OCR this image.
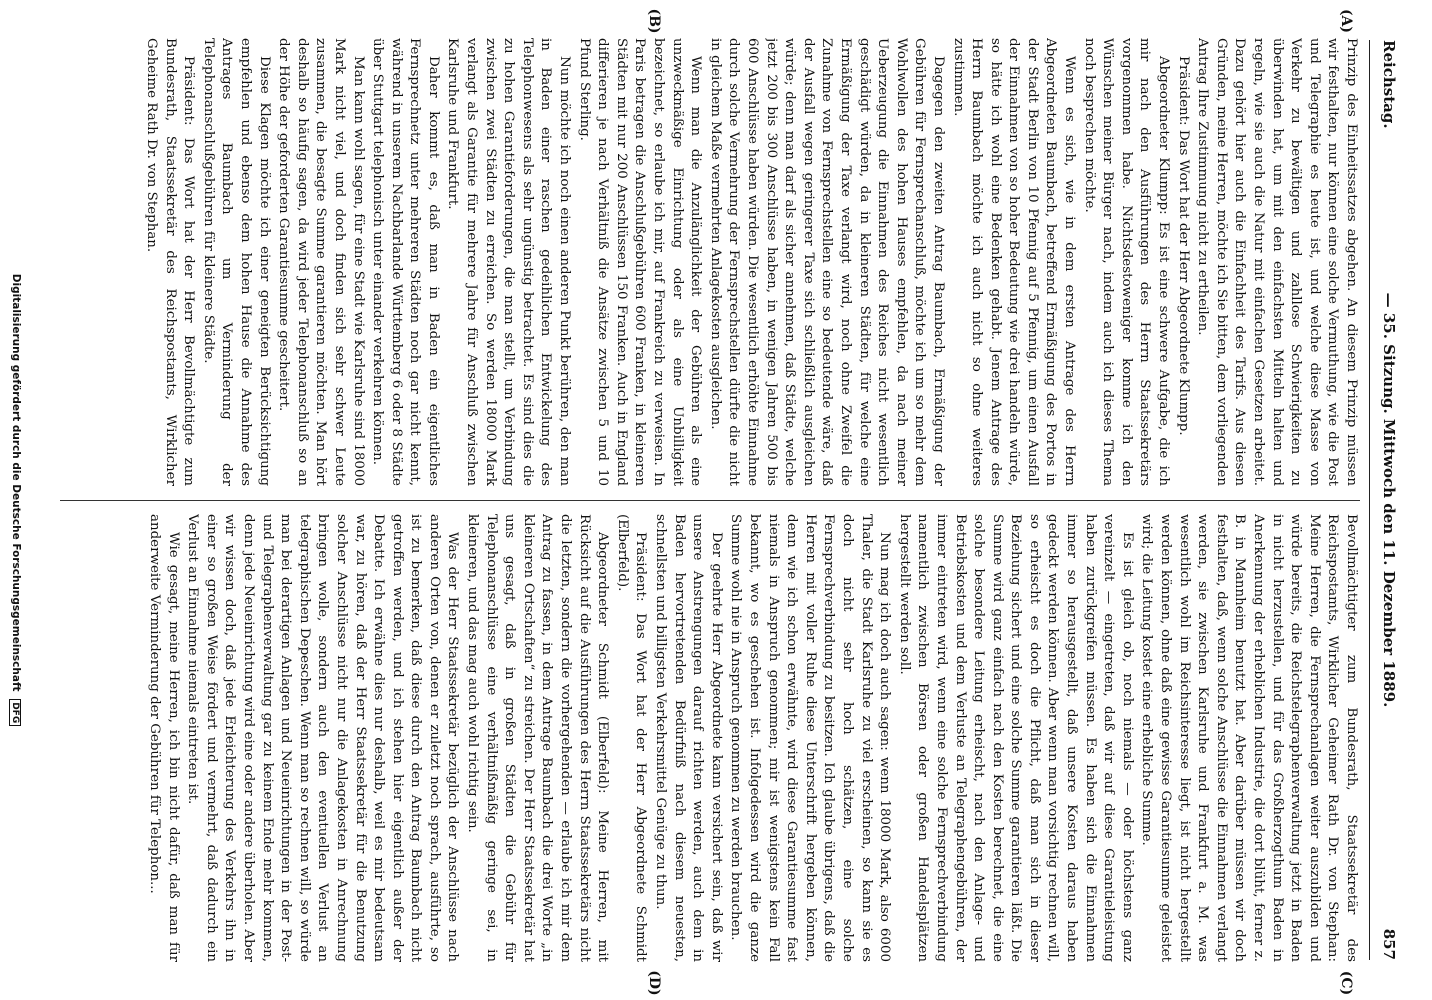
Reichstag.
— 35. Sitzung. Mittwoch den 11. Dezember 1889.
857
(A)
(B)
(C)
(D)

Prinzip des Einheitssatzes abgehen. An diesem Prinzip müssen wir festhalten, nur können eine solche Vermuthung, wie die Post und Telegraphie es heute ist, und welche diese Masse von Verkehr zu bewältigen und zahllose Schwierigkeiten zu überwinden hat, um mit den einfachsten Mitteln halten und regeln, wie sie auch die Natur mit einfachen Gesetzen arbeitet. Dazu gehört hier auch die Einfachheit des Tarifs. Aus diesen Gründen, meine Herren, möchte ich Sie bitten, dem vorliegenden Antrag Ihre Zustimmung nicht zu ertheilen.

Präsident: Das Wort hat der Herr Abgeordnete Klumpp.

Abgeordneter Klumpp: Es ist eine schwere Aufgabe, die ich mir nach den Ausführungen des Herrn Staatssekretärs vorgenommen habe. Nichtsdestoweniger komme ich den Wünschen meiner Bürger nach, indem auch ich dieses Thema noch besprechen möchte.

Wenn es sich, wie in dem ersten Antrage des Herrn Abgeordneten Baumbach, betreffend Ermäßigung des Portos in der Stadt Berlin von 10 Pfennig auf 5 Pfennig, um einen Ausfall der Einnahmen von so hoher Bedeutung wie drei handeln würde, so hätte ich wohl eine Bedenken gehabt. Jenem Antrage des Herrn Baumbach möchte ich auch nicht so ohne weiteres zustimmen.

Dagegen den zweiten Antrag Baumbach, Ermäßigung der Gebühren für Fernsprechanschluß, möchte ich um so mehr dem Wohlwollen des hohen Hauses empfehlen, da nach meiner Ueberzeugung die Einnahmen des Reiches nicht wesentlich geschädigt würden, da in kleineren Städten, für welche eine Ermäßigung der Taxe verlangt wird, noch ohne Zweifel die Zunahme von Fernsprechstellen eine so bedeutende wäre, daß der Ausfall wegen geringerer Taxe sich schließlich ausgleichen würde; denn man darf als sicher annehmen, daß Städte, welche jetzt 200 bis 300 Anschlüsse haben, in wenigen Jahren 500 bis 600 Anschlüsse haben würden. Die wesentlich erhöhte Einnahme durch solche Vermehrung der Fernsprechstellen dürfte die nicht in gleichem Maße vermehrten Anlagekosten ausgleichen.

Wenn man die Anzulänglichkeit der Gebühren als eine unzweckmäßige Einrichtung oder als eine Unbilligkeit bezeichnet, so erlaube ich mir, auf Frankreich zu verweisen. In Paris betragen die Anschlußgebühren 600 Franken, in kleineren Städten mit nur 200 Anschlüssen 150 Franken. Auch in England differieren je nach Verhältniß die Ansätze zwischen 5 und 10 Pfund Sterling.

Nun möchte ich noch einen anderen Punkt berühren, den man in Baden einer raschen gedeihlichen Entwickelung des Telephonwesens als sehr ungünstig betrachtet. Es sind dies die zu hohen Garantieforderungen, die man stellt, um Verbindung zwischen zwei Städten zu erreichen. So werden 18000 Mark verlangt als Garantie für mehrere Jahre für Anschluß zwischen Karlsruhe und Frankfurt.

Daher kommt es, daß man in Baden ein eigentliches Fernsprechnetz unter mehreren Städten noch gar nicht kennt, während in unserem Nachbarlande Württemberg 6 oder 8 Städte über Stuttgart telephonisch unter einander verkehren können.

Man kann wohl sagen, für eine Stadt wie Karlsruhe sind 18000 Mark nicht viel, und doch finden sich sehr schwer Leute zusammen, die besagte Summe garantieren möchten. Man hört deshalb so häufig sagen, da wird jeder Telephonanschluß so an der Höhe der geforderten Garantiesumme gescheitert.

Diese Klagen möchte ich einer geneigten Berücksichtigung empfehlen und ebenso dem hohen Hause die Annahme des Antrages Baumbach um Verminderung der Telephonanschlußgebühren für kleinere Städte.

Präsident: Das Wort hat der Herr Bevollmächtigte zum Bundesrath, Staatssekretär des Reichspostamts, Wirklicher Geheime Rath Dr. von Stephan.

Bevollmächtigter zum Bundesrath, Staatssekretär des Reichspostamts, Wirklicher Geheimer Rath Dr. von Stephan: Meine Herren, die Fernsprechanlagen weiter auszubilden und würde bereits, die Reichstelegraphenverwaltung jetzt in Baden in nicht herzustellen, und für das Großherzogthum Baden in Anerkennung der erheblichen Industrie, die dort blüht, ferner z. B. in Mannheim benutzt hat. Aber darüber müssen wir doch festhalten, daß, wenn solche Anschlüsse die Einnahmen verlangt werden, sie zwischen Karlsruhe und Frankfurt a. M. was wesentlich wohl im Reichsinteresse liegt, ist nicht hergestellt werden können, ohne daß eine gewisse Garantiesumme geleistet wird; die Leitung kostet eine erhebliche Summe.

Es ist gleich ob, noch niemals — oder höchstens ganz vereinzelt — eingetreten, daß wir auf diese Garantieleistung haben zurückgreifen müssen. Es haben sich die Einnahmen immer so herausgestellt, daß unsere Kosten daraus haben gedeckt werden können. Aber wenn man vorsichtig rechnen will, so erheischt es doch die Pflicht, daß man sich in dieser Beziehung sichert und eine solche Summe garantieren läßt. Die Summe wird ganz einfach nach den Kosten berechnet, die eine solche besondere Leitung erheischt, nach den Anlage- und Betriebskosten und dem Verluste an Telegraphengebühren, der immer eintreten wird, wenn eine solche Fernsprechverbindung namentlich zwischen Börsen oder großen Handelsplätzen hergestellt werden soll.

Nun mag ich doch auch sagen: wenn 18000 Mark, also 6000 Thaler, die Stadt Karlsruhe zu viel erscheinen, so kann sie es doch nicht sehr hoch schätzen, eine solche Fernsprechverbindung zu besitzen. Ich glaube übrigens, daß die Herren mit voller Ruhe diese Unterschrift hergeben können, denn wie ich schon erwähnte, wird diese Garantiesumme fast niemals in Anspruch genommen; mir ist wenigstens kein Fall bekannt, wo es geschehen ist. Infolgedessen wird die ganze Summe wohl nie in Anspruch genommen zu werden brauchen.

Der geehrte Herr Abgeordnete kann versichert sein, daß wir unsere Anstrengungen darauf richten werden, auch dem in Baden hervortretenden Bedürfniß nach diesem neuesten, schnellsten und billigsten Verkehrsmittel Genüge zu thun.

Präsident: Das Wort hat der Herr Abgeordnete Schmidt (Elberfeld).

Abgeordneter Schmidt (Elberfeld): Meine Herren, mit Rücksicht auf die Ausführungen des Herrn Staatssekretärs nicht die letzten, sondern die vorhergehenden — erlaube ich mir dem Antrag zu fassen, in dem Antrage Baumbach die drei Worte „in kleineren Ortschaften“ zu streichen. Der Herr Staatssekretär hat uns gesagt, daß in großen Städten die Gebühr für Telephonanschlüsse eine verhältnißmäßig geringe sei, in kleineren, und das mag auch wohl richtig sein.

Was der Herr Staatssekretär bezüglich der Anschlüsse nach anderen Orten von, denen er zuletzt noch sprach, ausführte, so ist zu bemerken, daß diese durch den Antrag Baumbach nicht getroffen werden, und ich stehen hier eigentlich außer der Debatte. Ich erwähne dies nur deshalb, weil es mir bedeutsam war, zu hören, daß der Herr Staatssekretär für die Benutzung solcher Anschlüsse nicht nur die Anlagekosten in Anrechnung bringen wolle, sondern auch den eventuellen Verlust an telegraphischen Depeschen. Wenn man so rechnen will, so würde man bei derartigen Anlagen und Neueinrichtungen in der Post- und Telegraphenverwaltung gar zu keinem Ende mehr kommen, denn jede Neueinrichtung wird eine oder andere überholen. Aber wir wissen doch, daß jede Erleichterung des Verkehrs ihn in einer so großen Weise fördert und vermehrt, daß dadurch ein Verlust an Einnahme niemals eintreten ist.

Wie gesagt, meine Herren, ich bin nicht dafür, daß man für anderweite Verminderung der Gebühren für Telephon...

Digitalisierung gefördert durch die Deutsche Forschungsgemeinschaft DFG
